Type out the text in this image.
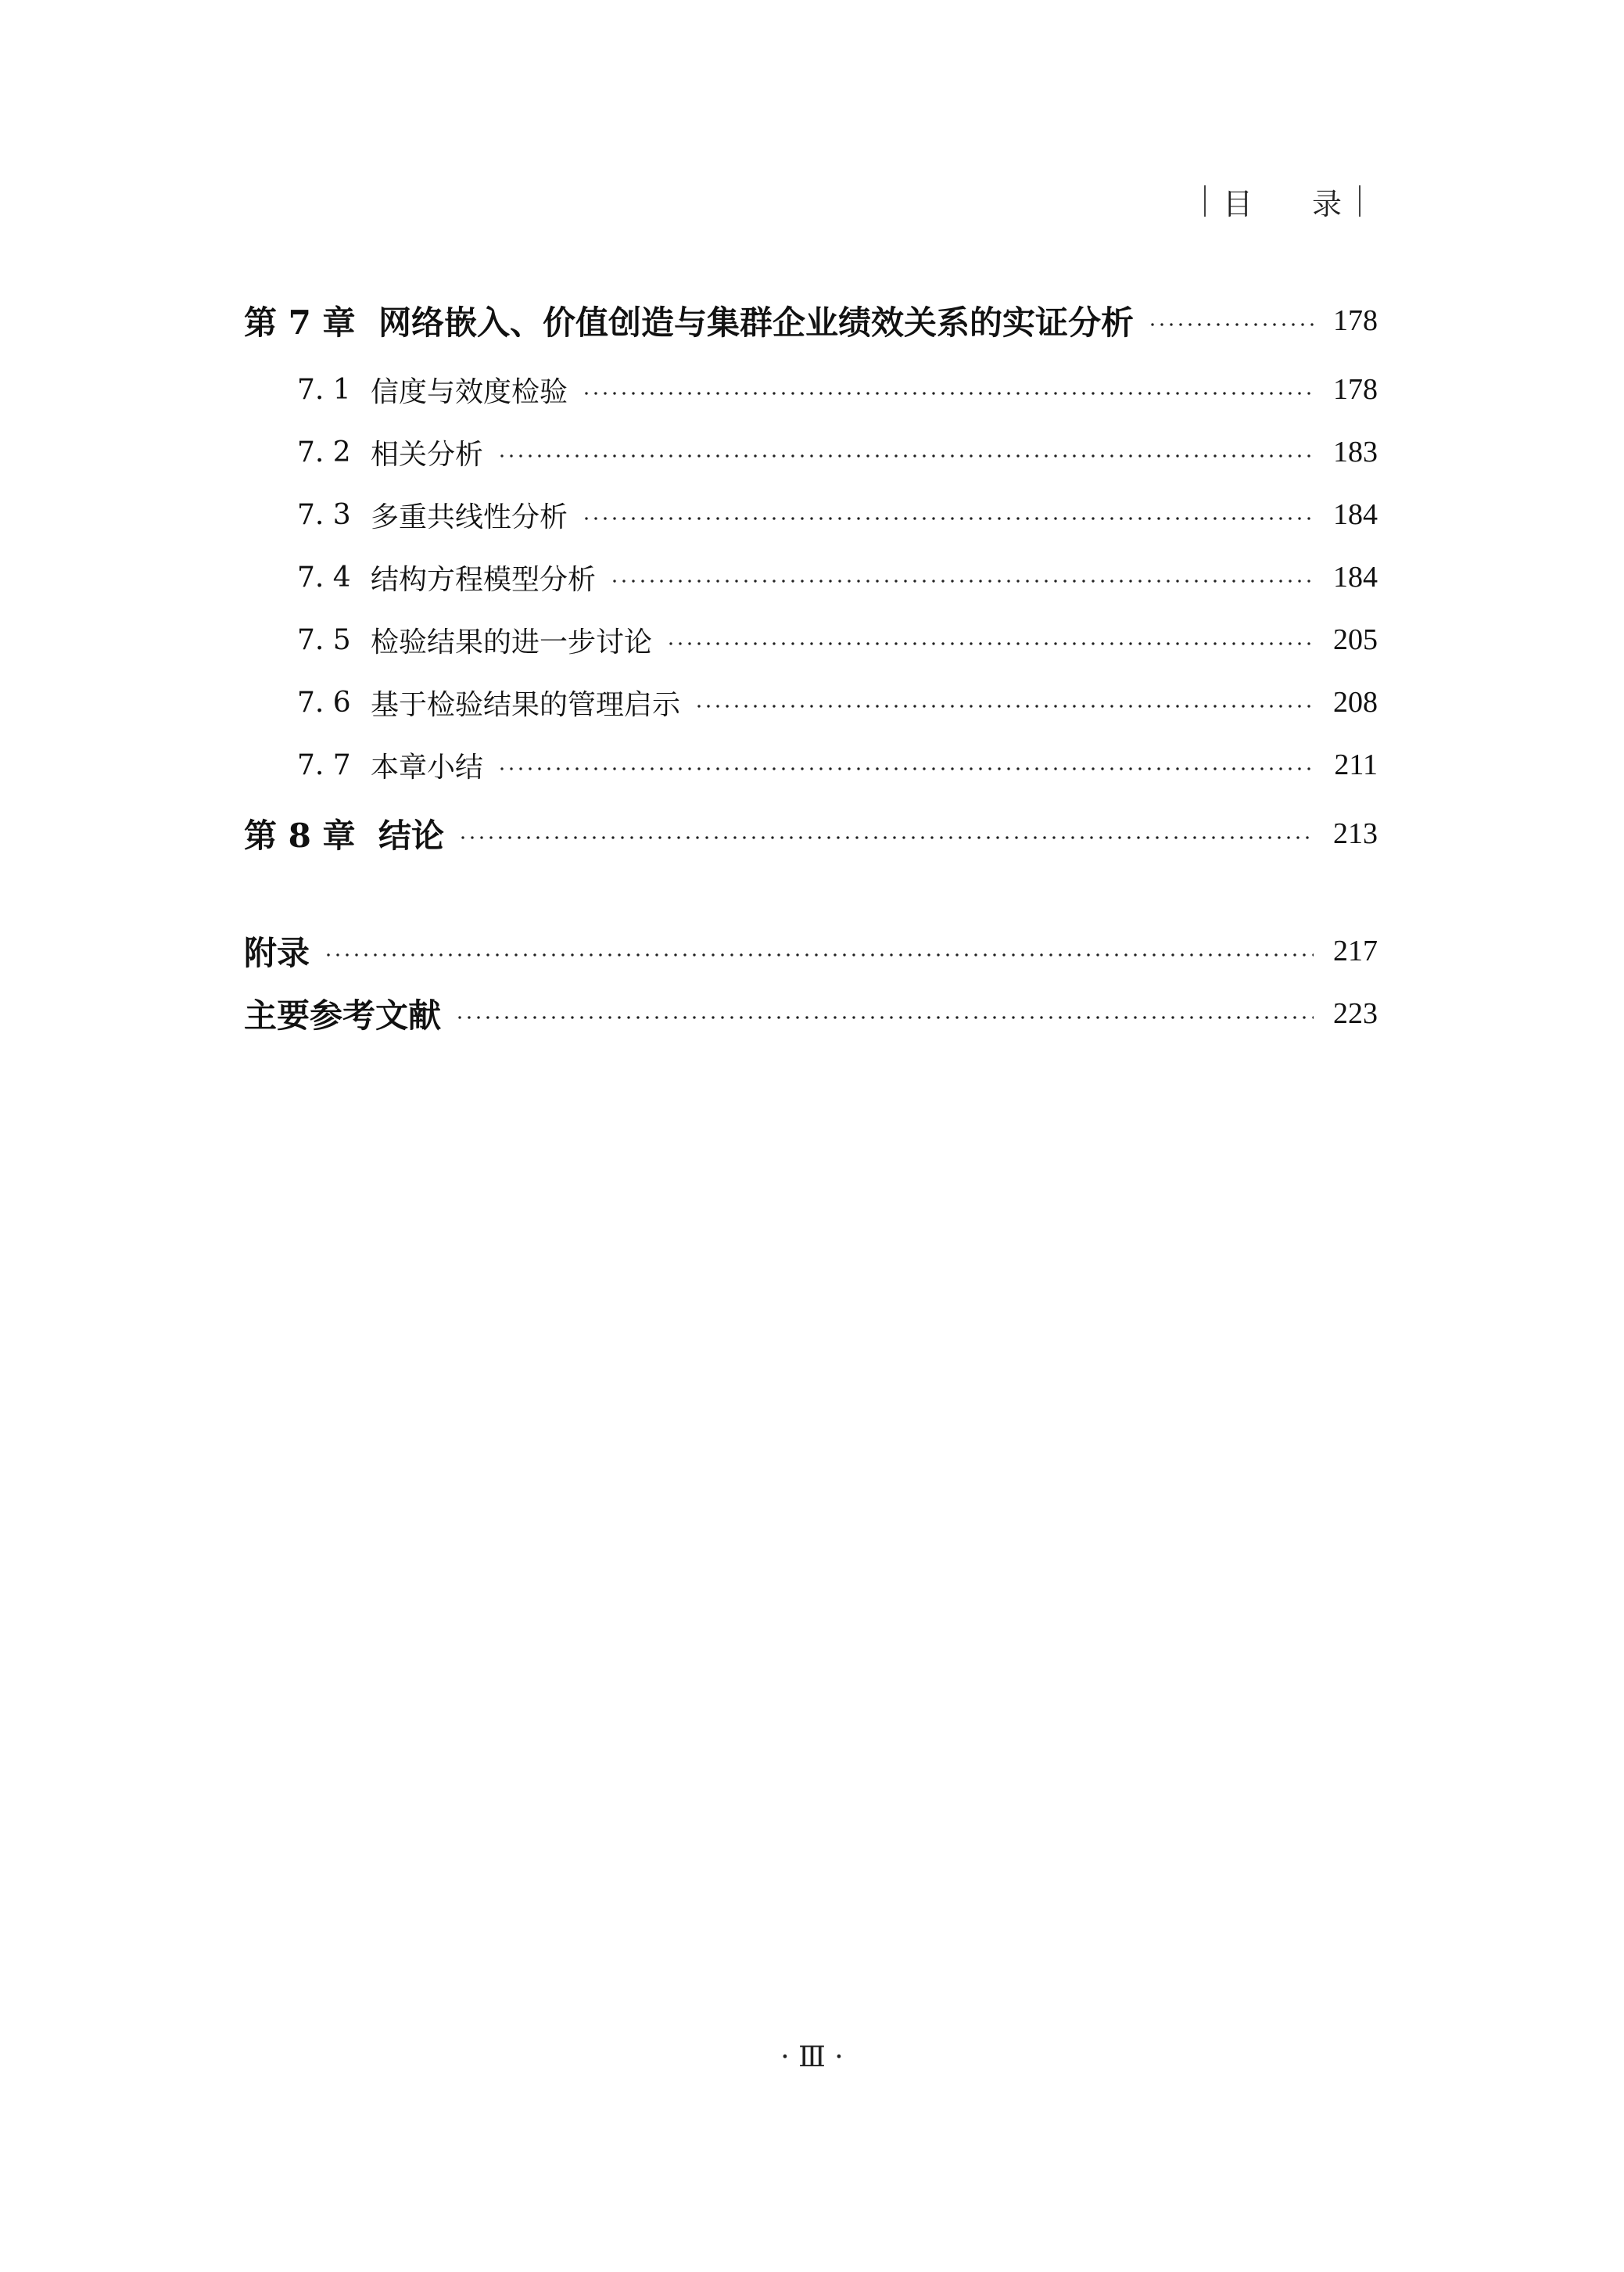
目 录
第 7 章 网络嵌入、价值创造与集群企业绩效关系的实证分析	178
7. 1 信度与效度检验	178
7. 2 相关分析	183
7. 3 多重共线性分析	184
7. 4 结构方程模型分析	184
7. 5 检验结果的进一步讨论	205
7. 6 基于检验结果的管理启示	208
7. 7 本章小结	211
第 8 章 结论	213
附录	217
主要参考文献	223
· Ⅲ ·
